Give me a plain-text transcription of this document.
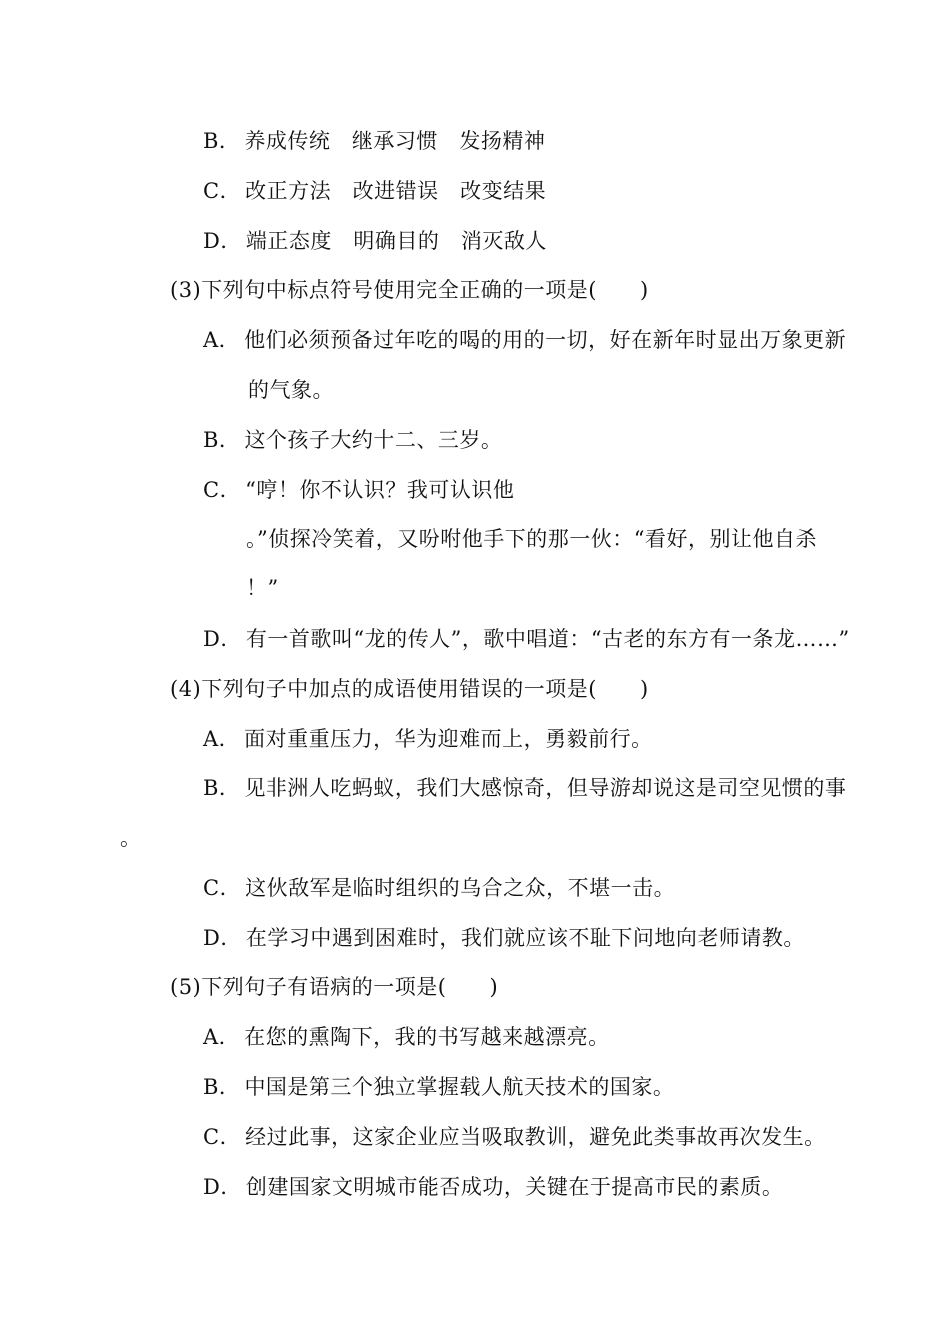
B． 养成传统　继承习惯　发扬精神
C． 改正方法　改进错误　改变结果
D． 端正态度　明确目的　消灭敌人
(3)下列句中标点符号使用完全正确的一项是(　　)
A． 他们必须预备过年吃的喝的用的一切，好在新年时显出万象更新
的气象。
B． 这个孩子大约十二、三岁。
C． “哼！你不认识？我可认识他
。”侦探冷笑着，又吩咐他手下的那一伙：“看好，别让他自杀
！”
D． 有一首歌叫“龙的传人”，歌中唱道：“古老的东方有一条龙……”
(4)下列句子中加点的成语使用错误的一项是(　　)
A． 面对重重压力，华为迎难而上，勇毅前行。
B． 见非洲人吃蚂蚁，我们大感惊奇，但导游却说这是司空见惯的事
。
C． 这伙敌军是临时组织的乌合之众，不堪一击。
D． 在学习中遇到困难时，我们就应该不耻下问地向老师请教。
(5)下列句子有语病的一项是(　　)
A． 在您的熏陶下，我的书写越来越漂亮。
B． 中国是第三个独立掌握载人航天技术的国家。
C． 经过此事，这家企业应当吸取教训，避免此类事故再次发生。
D． 创建国家文明城市能否成功，关键在于提高市民的素质。
